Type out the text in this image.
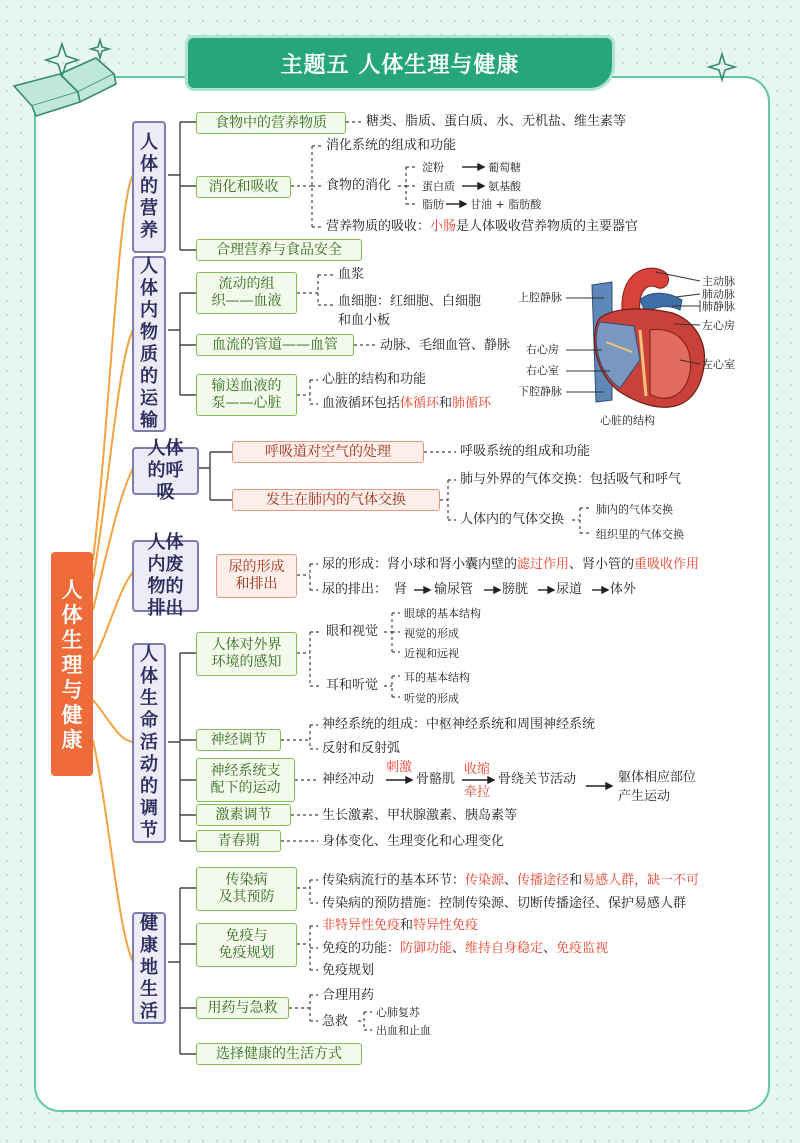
主题五 人体生理与健康
人体生理与健康
人体的营养
人体内物质的运输
人体的呼吸
人体内废物的排出
人体生命活动的调节
健康地生活
食物中的营养物质	糖类、脂质、蛋白质、水、无机盐、维生素等
消化和吸收
消化系统的组成和功能
食物的消化
淀粉	葡萄糖
蛋白质	氨基酸
脂肪 甘油 + 脂肪酸
营养物质的吸收：小肠是人体吸收营养物质的主要器官
合理营养与食品安全
流动的组
织——血液
血浆
血细胞：红细胞、白细胞
和血小板
血流的管道——血管	动脉、毛细血管、静脉
输送血液的
泵——心脏
心脏的结构和功能
血液循环包括体循环和肺循环
上腔静脉
右心房
右心室
下腔静脉
主动脉
肺动脉
肺静脉
左心房
左心室
心脏的结构
呼吸道对空气的处理	呼吸系统的组成和功能
发生在肺内的气体交换
肺与外界的气体交换：包括吸气和呼气
人体内的气体交换
肺内的气体交换
组织里的气体交换
尿的形成
和排出
尿的形成：肾小球和肾小囊内壁的滤过作用、肾小管的重吸收作用
尿的排出： 肾 输尿管 膀胱 尿道 体外
人体对外界
环境的感知
眼和视觉
眼球的基本结构
视觉的形成
近视和远视
耳和听觉
耳的基本结构
听觉的形成
神经调节
神经系统的组成：中枢神经系统和周围神经系统
反射和反射弧
神经系统支
配下的运动
神经冲动
刺激
骨骼肌
收缩
牵拉
骨绕关节活动	躯体相应部位
产生运动
激素调节	生长激素、甲状腺激素、胰岛素等
青春期	身体变化、生理变化和心理变化
传染病
及其预防
传染病流行的基本环节：传染源、传播途径和易感人群，缺一不可
传染病的预防措施：控制传染源、切断传播途径、保护易感人群
免疫与
免疫规划
非特异性免疫和特异性免疫
免疫的功能：防御功能、维持自身稳定、免疫监视
免疫规划
用药与急救
合理用药
急救
心肺复苏
出血和止血
选择健康的生活方式
